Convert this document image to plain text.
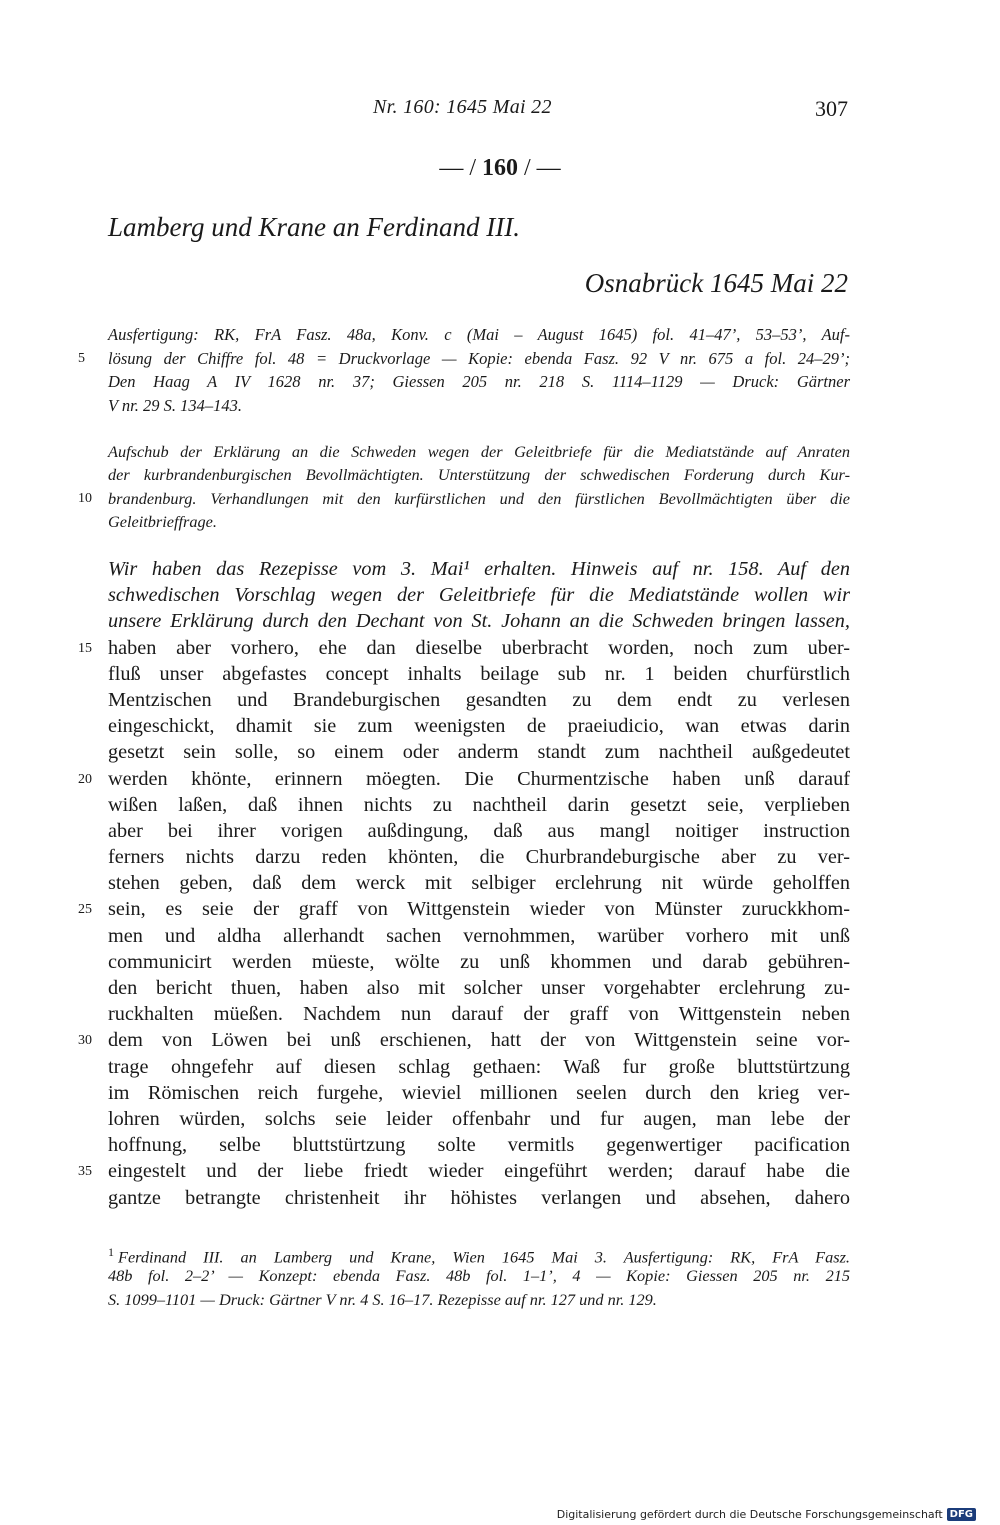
Nr. 160: 1645 Mai 22	307
— / 160 / —
Lamberg und Krane an Ferdinand III.
Osnabrück 1645 Mai 22
Ausfertigung: RK, FrA Fasz. 48a, Konv. c (Mai – August 1645) fol. 41–47’, 53–53’, Auf-
5 lösung der Chiffre fol. 48 = Druckvorlage — Kopie: ebenda Fasz. 92 V nr. 675 a fol. 24–29’;
Den Haag A IV 1628 nr. 37; Giessen 205 nr. 218 S. 1114–1129 — Druck: Gärtner
V nr. 29 S. 134–143.
Aufschub der Erklärung an die Schweden wegen der Geleitbriefe für die Mediatstände auf Anraten
der kurbrandenburgischen Bevollmächtigten. Unterstützung der schwedischen Forderung durch Kur-
10 brandenburg. Verhandlungen mit den kurfürstlichen und den fürstlichen Bevollmächtigten über die
Geleitbrieffrage.
Wir haben das Rezepisse vom 3. Mai¹ erhalten. Hinweis auf nr. 158. Auf den
schwedischen Vorschlag wegen der Geleitbriefe für die Mediatstände wollen wir
unsere Erklärung durch den Dechant von St. Johann an die Schweden bringen lassen,
15 haben aber vorhero, ehe dan dieselbe uberbracht worden, noch zum uber-
fluß unser abgefastes concept inhalts beilage sub nr. 1 beiden churfürstlich
Mentzischen und Brandeburgischen gesandten zu dem endt zu verlesen
eingeschickt, dhamit sie zum weenigsten de praeiudicio, wan etwas darin
gesetzt sein solle, so einem oder anderm standt zum nachtheil außgedeutet
20 werden khönte, erinnern möegten. Die Churmentzische haben unß darauf
wißen laßen, daß ihnen nichts zu nachtheil darin gesetzt seie, verplieben
aber bei ihrer vorigen außdingung, daß aus mangl noitiger instruction
ferners nichts darzu reden khönten, die Churbrandeburgische aber zu ver-
stehen geben, daß dem werck mit selbiger erclehrung nit würde geholffen
25 sein, es seie der graff von Wittgenstein wieder von Münster zuruckkhom-
men und aldha allerhandt sachen vernohmmen, warüber vorhero mit unß
communicirt werden müeste, wölte zu unß khommen und darab gebühren-
den bericht thuen, haben also mit solcher unser vorgehabter erclehrung zu-
ruckhalten müeßen. Nachdem nun darauf der graff von Wittgenstein neben
30 dem von Löwen bei unß erschienen, hatt der von Wittgenstein seine vor-
trage ohngefehr auf diesen schlag gethaen: Waß fur große bluttstürtzung
im Römischen reich furgehe, wieviel millionen seelen durch den krieg ver-
lohren würden, solchs seie leider offenbahr und fur augen, man lebe der
hoffnung, selbe bluttstürtzung solte vermitls gegenwertiger pacification
35 eingestelt und der liebe friedt wieder eingeführt werden; darauf habe die
gantze betrangte christenheit ihr höhistes verlangen und absehen, dahero
$^1$ Ferdinand III. an Lamberg und Krane, Wien 1645 Mai 3. Ausfertigung: RK, FrA Fasz.
48b fol. 2–2’ — Konzept: ebenda Fasz. 48b fol. 1–1’, 4 — Kopie: Giessen 205 nr. 215
S. 1099–1101 — Druck: Gärtner V nr. 4 S. 16–17. Rezepisse auf nr. 127 und nr. 129.
Digitalisierung gefördert durch die Deutsche Forschungsgemeinschaft DFG
